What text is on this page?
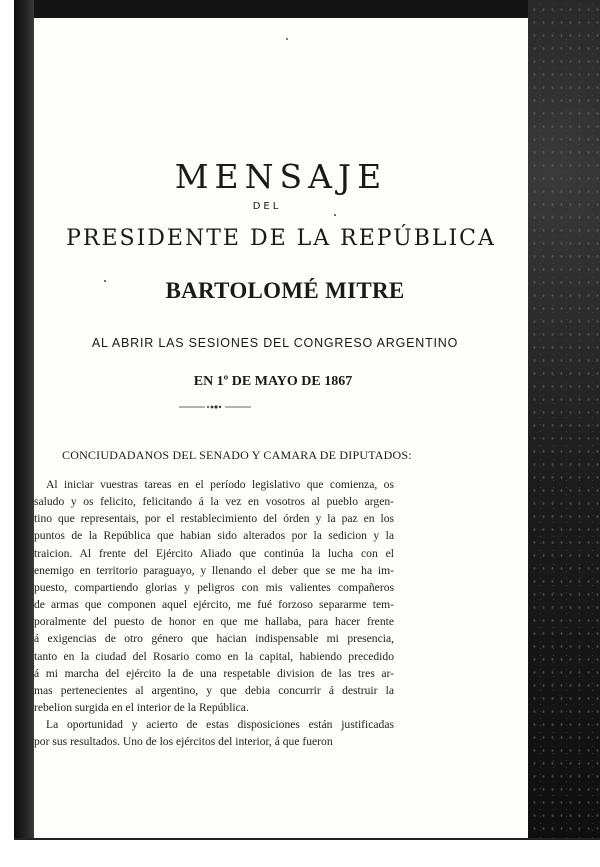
MENSAJE
DEL
PRESIDENTE DE LA REPÚBLICA
BARTOLOMÉ MITRE
AL ABRIR LAS SESIONES DEL CONGRESO ARGENTINO
EN 1º DE MAYO DE 1867
CONCIUDADANOS DEL SENADO Y CAMARA DE DIPUTADOS:
Al iniciar vuestras tareas en el período legislativo que comienza, os
saludo y os felicito, felicitando á la vez en vosotros al pueblo argen-
tino que representais, por el restablecimiento del órden y la paz en los
puntos de la República que habian sido alterados por la sedicion y la
traicion. Al frente del Ejército Aliado que continúa la lucha con el
enemigo en territorio paraguayo, y llenando el deber que se me ha im-
puesto, compartiendo glorias y peligros con mis valientes compañeros
de armas que componen aquel ejército, me fué forzoso separarme tem-
poralmente del puesto de honor en que me hallaba, para hacer frente
á exigencias de otro género que hacian indispensable mi presencia,
tanto en la ciudad del Rosario como en la capital, habiendo precedido
á mi marcha del ejército la de una respetable division de las tres ar-
mas pertenecientes al argentino, y que debia concurrir á destruir la
rebelion surgida en el interior de la República.
La oportunidad y acierto de estas disposiciones están justificadas
por sus resultados. Uno de los ejércitos del interior, á que fueron
